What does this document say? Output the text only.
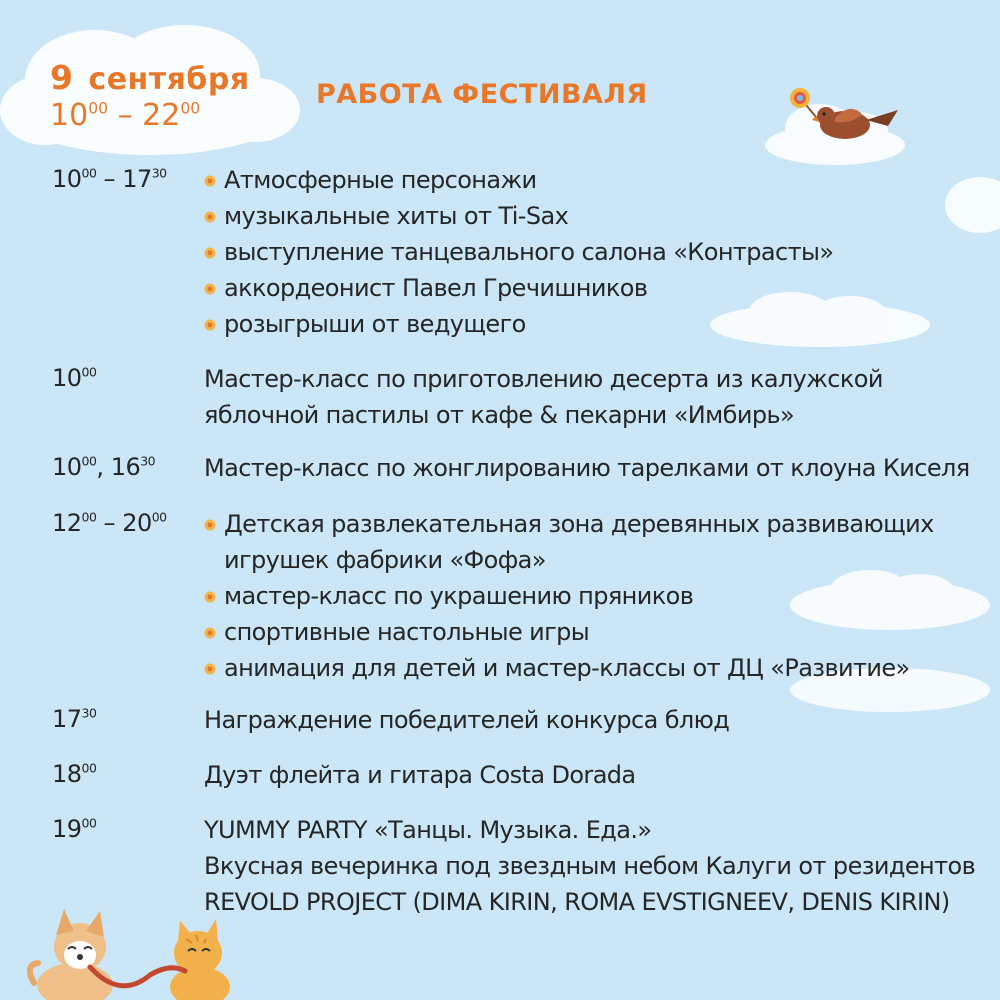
9 сентября
$10^{00} - 22^{00}$	РАБОТА ФЕСТИВАЛЯ
$10^{00} - 17^{30}$	Атмосферные персонажи
музыкальные хиты от Ti-Sax
выступление танцевального салона «Контрасты»
аккордеонист Павел Гречишников
розыгрыши от ведущего
$10^{00}$	Мастер-класс по приготовлению десерта из калужской
яблочной пастилы от кафе & пекарни «Имбирь»
$10^{00}$, $16^{30}$ Мастер-класс по жонглированию тарелками от клоуна Киселя
$12^{00} - 20^{00}$	Детская развлекательная зона деревянных развивающих
игрушек фабрики «Фофа»
мастер-класс по украшению пряников
спортивные настольные игры
анимация для детей и мастер-классы от ДЦ «Развитие»
$17^{30}$	Награждение победителей конкурса блюд
$18^{00}$	Дуэт флейта и гитара Costa Dorada
$19^{00}$	YUMMY PARTY «Танцы. Музыка. Еда.»
Вкусная вечеринка под звездным небом Калуги от резидентов
REVOLD PROJECT (DIMA KIRIN, ROMA EVSTIGNEEV, DENIS KIRIN)
